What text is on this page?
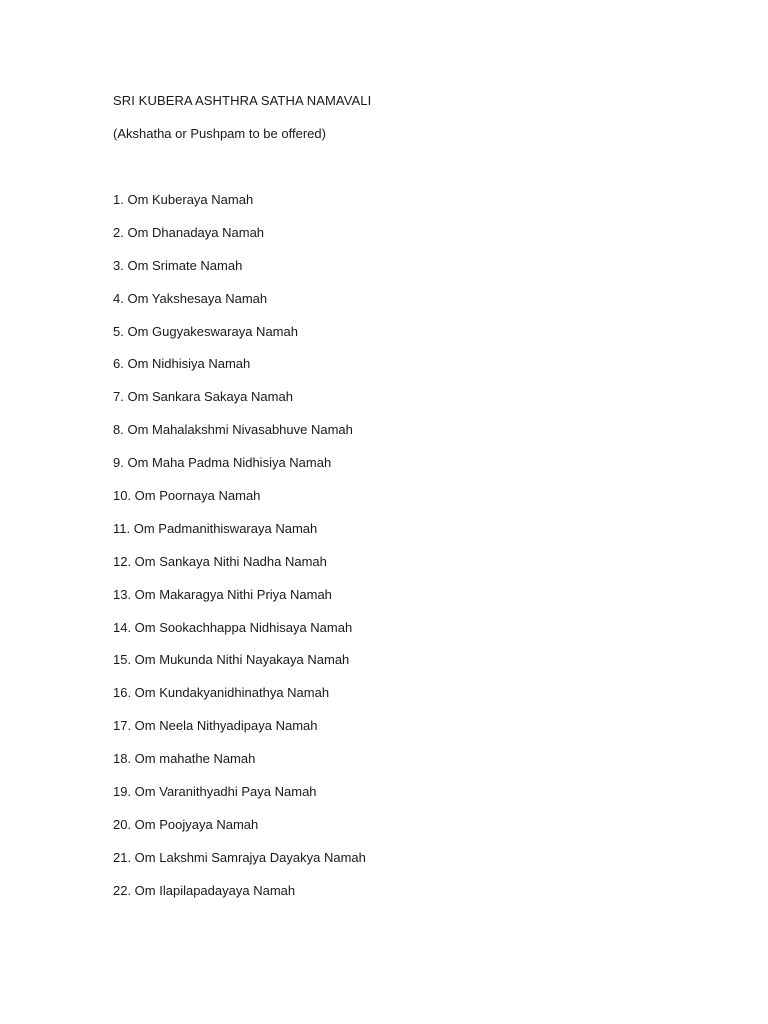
SRI KUBERA ASHTHRA SATHA NAMAVALI
(Akshatha or Pushpam to be offered)
1. Om Kuberaya Namah
2. Om Dhanadaya Namah
3. Om Srimate Namah
4. Om Yakshesaya Namah
5. Om Gugyakeswaraya Namah
6. Om Nidhisiya Namah
7. Om Sankara Sakaya Namah
8. Om Mahalakshmi Nivasabhuve Namah
9. Om Maha Padma Nidhisiya Namah
10. Om Poornaya Namah
11. Om Padmanithiswaraya Namah
12. Om Sankaya Nithi Nadha Namah
13. Om Makaragya Nithi Priya Namah
14. Om Sookachhappa Nidhisaya Namah
15. Om Mukunda Nithi Nayakaya Namah
16. Om Kundakyanidhinathya Namah
17. Om Neela Nithyadipaya Namah
18. Om mahathe Namah
19. Om Varanithyadhi Paya Namah
20. Om Poojyaya Namah
21. Om Lakshmi Samrajya Dayakya Namah
22. Om Ilapilapadayaya Namah
